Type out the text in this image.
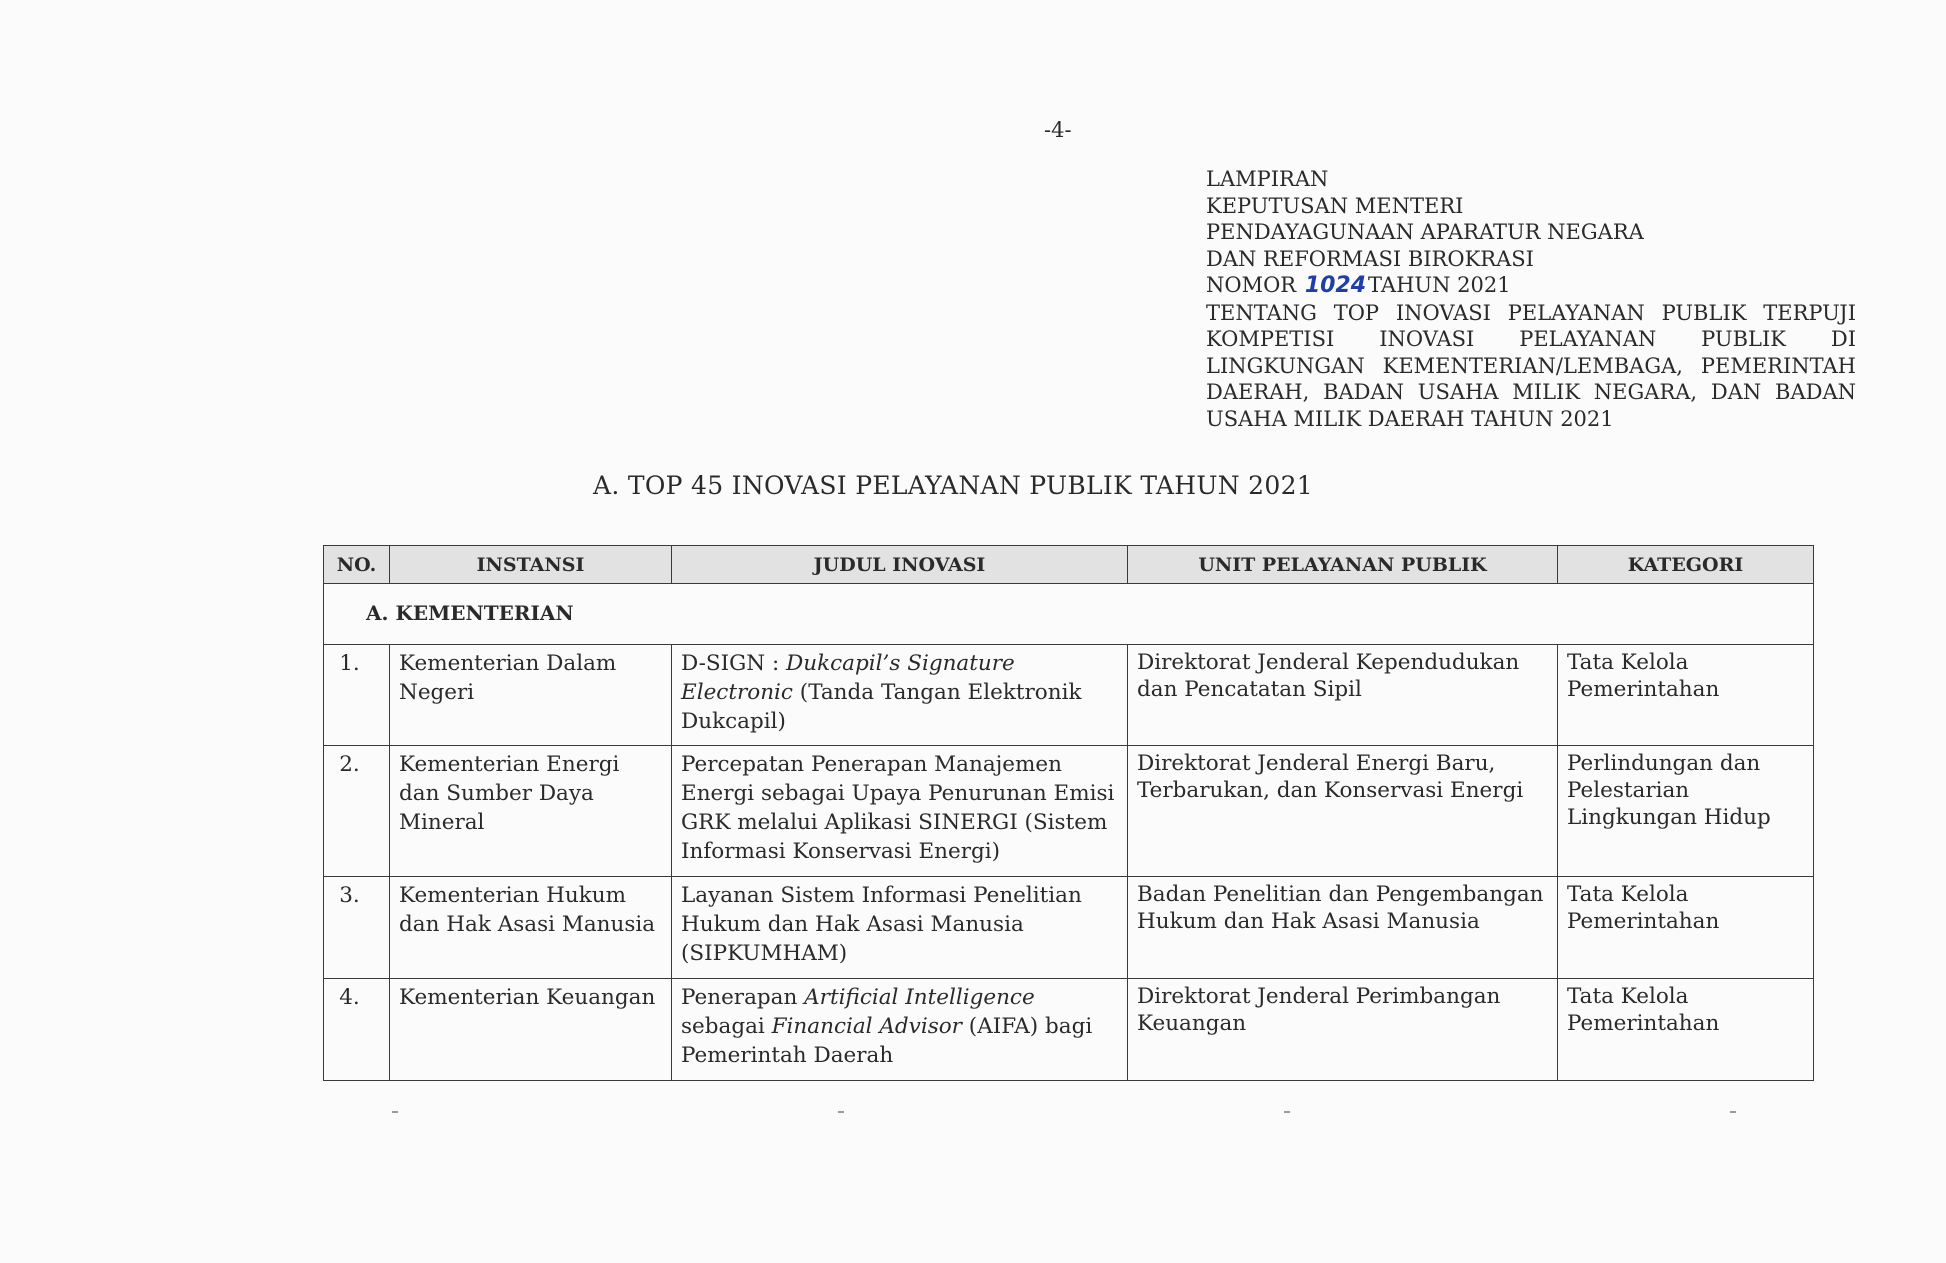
-4-
LAMPIRAN
KEPUTUSAN MENTERI
PENDAYAGUNAAN APARATUR NEGARA
DAN REFORMASI BIROKRASI
NOMOR 1024TAHUN 2021
TENTANG TOP INOVASI PELAYANAN PUBLIK TERPUJI
KOMPETISI INOVASI PELAYANAN PUBLIK DI
LINGKUNGAN KEMENTERIAN/LEMBAGA, PEMERINTAH
DAERAH, BADAN USAHA MILIK NEGARA, DAN BADAN
USAHA MILIK DAERAH TAHUN 2021
A. TOP 45 INOVASI PELAYANAN PUBLIK TAHUN 2021
NO.	INSTANSI	JUDUL INOVASI	UNIT PELAYANAN PUBLIK	KATEGORI
A. KEMENTERIAN				
1.	Kementerian Dalam Negeri	D-SIGN : Dukcapil’s Signature Electronic (Tanda Tangan Elektronik Dukcapil)	Direktorat Jenderal Kependudukan dan Pencatatan Sipil	Tata Kelola Pemerintahan
2.	Kementerian Energi dan Sumber Daya Mineral	Percepatan Penerapan Manajemen Energi sebagai Upaya Penurunan Emisi GRK melalui Aplikasi SINERGI (Sistem Informasi Konservasi Energi)	Direktorat Jenderal Energi Baru, Terbarukan, dan Konservasi Energi	Perlindungan dan Pelestarian Lingkungan Hidup
3.	Kementerian Hukum dan Hak Asasi Manusia	Layanan Sistem Informasi Penelitian Hukum dan Hak Asasi Manusia (SIPKUMHAM)	Badan Penelitian dan Pengembangan Hukum dan Hak Asasi Manusia	Tata Kelola Pemerintahan
4.	Kementerian Keuangan	Penerapan Artificial Intelligence sebagai Financial Advisor (AIFA) bagi Pemerintah Daerah	Direktorat Jenderal Perimbangan Keuangan	Tata Kelola Pemerintahan
